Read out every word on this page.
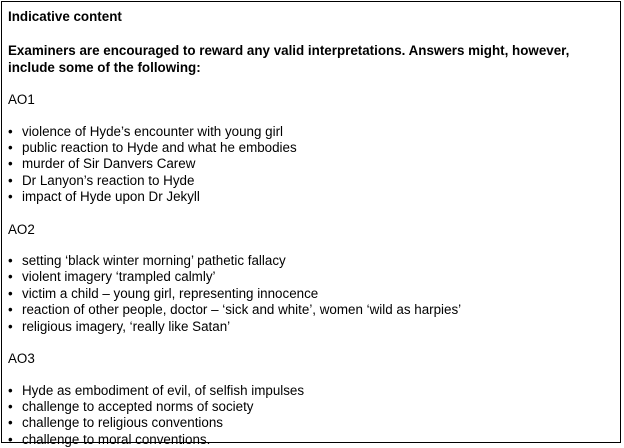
Indicative content

Examiners are encouraged to reward any valid interpretations. Answers might, however, include some of the following:

AO1

• violence of Hyde’s encounter with young girl
• public reaction to Hyde and what he embodies
• murder of Sir Danvers Carew
• Dr Lanyon’s reaction to Hyde
• impact of Hyde upon Dr Jekyll

AO2

• setting ‘black winter morning’ pathetic fallacy
• violent imagery ‘trampled calmly’
• victim a child – young girl, representing innocence
• reaction of other people, doctor – ‘sick and white’, women ‘wild as harpies’
• religious imagery, ‘really like Satan’

AO3

• Hyde as embodiment of evil, of selfish impulses
• challenge to accepted norms of society
• challenge to religious conventions
• challenge to moral conventions.
